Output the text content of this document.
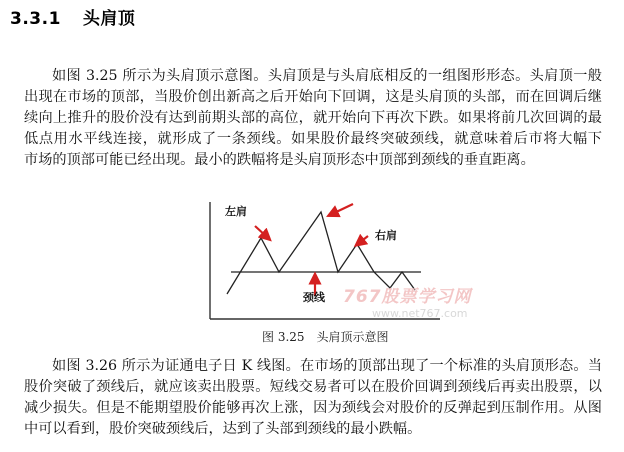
3.3.1 头肩顶
如图 3.25 所示为头肩顶示意图。头肩顶是与头肩底相反的一组图形形态。头肩顶一般
出现在市场的顶部，当股价创出新高之后开始向下回调，这是头肩顶的头部，而在回调后继
续向上推升的股价没有达到前期头部的高位，就开始向下再次下跌。如果将前几次回调的最
低点用水平线连接，就形成了一条颈线。如果股价最终突破颈线，就意味着后市将大幅下
市场的顶部可能已经出现。最小的跌幅将是头肩顶形态中顶部到颈线的垂直距离。
左肩
右肩
颈线 767股票学习网
www.net767.com
图 3.25　头肩顶示意图
如图 3.26 所示为证通电子日 K 线图。在市场的顶部出现了一个标准的头肩顶形态。当
股价突破了颈线后，就应该卖出股票。短线交易者可以在股价回调到颈线后再卖出股票，以
减少损失。但是不能期望股价能够再次上涨，因为颈线会对股价的反弹起到压制作用。从图
中可以看到，股价突破颈线后，达到了头部到颈线的最小跌幅。
